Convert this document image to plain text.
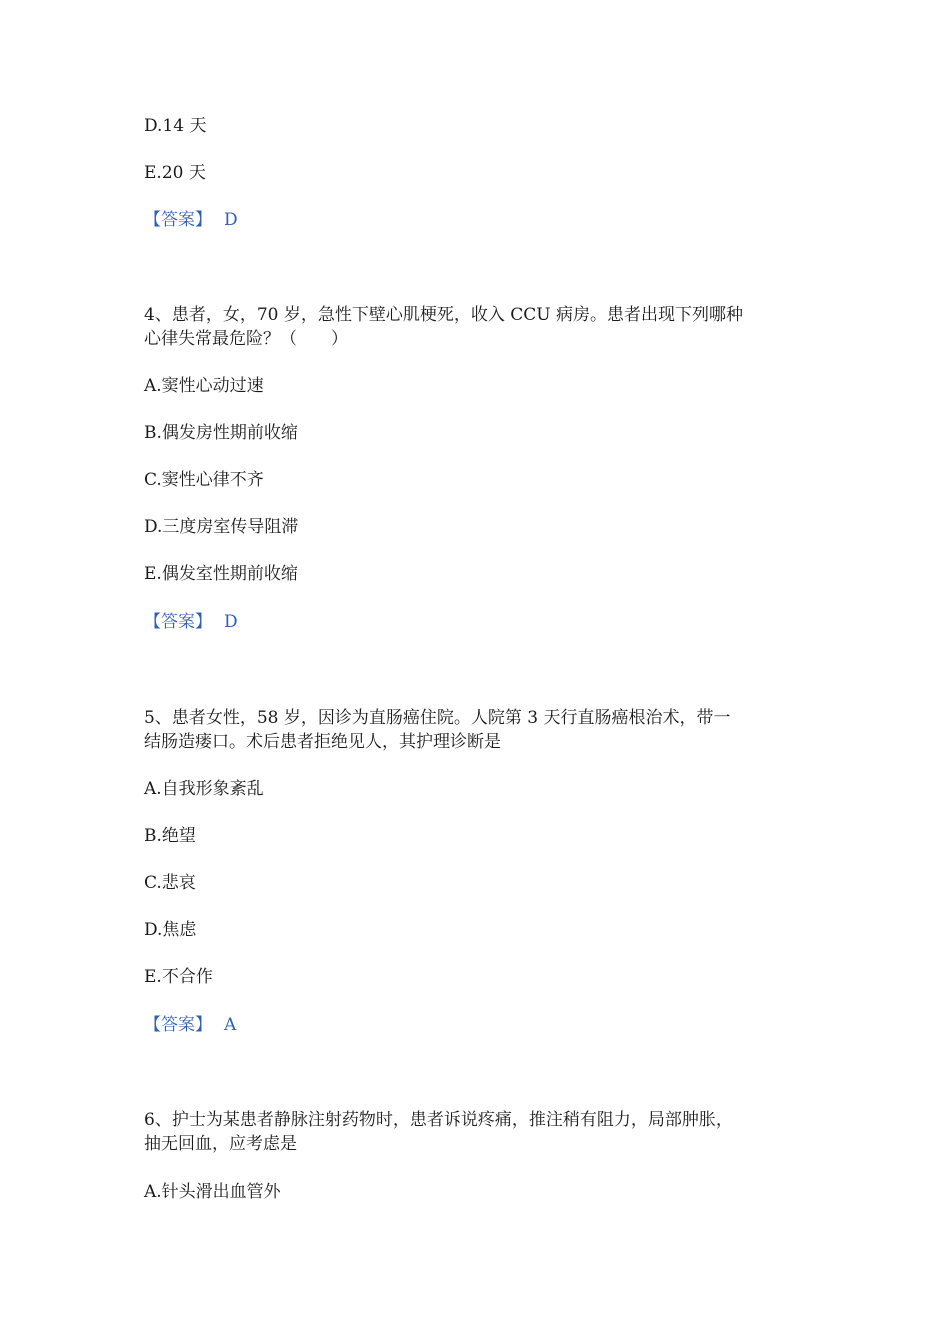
D.14 天

E.20 天

【答案】 D

4、患者，女，70 岁，急性下壁心肌梗死，收入 CCU 病房。患者出现下列哪种

心律失常最危险？（　　）

A.窦性心动过速

B.偶发房性期前收缩

C.窦性心律不齐

D.三度房室传导阻滞

E.偶发室性期前收缩

【答案】 D

5、患者女性，58 岁，因诊为直肠癌住院。人院第 3 天行直肠癌根治术，带一

结肠造瘘口。术后患者拒绝见人，其护理诊断是

A.自我形象紊乱

B.绝望

C.悲哀

D.焦虑

E.不合作

【答案】 A

6、护士为某患者静脉注射药物时，患者诉说疼痛，推注稍有阻力，局部肿胀，

抽无回血，应考虑是

A.针头滑出血管外
